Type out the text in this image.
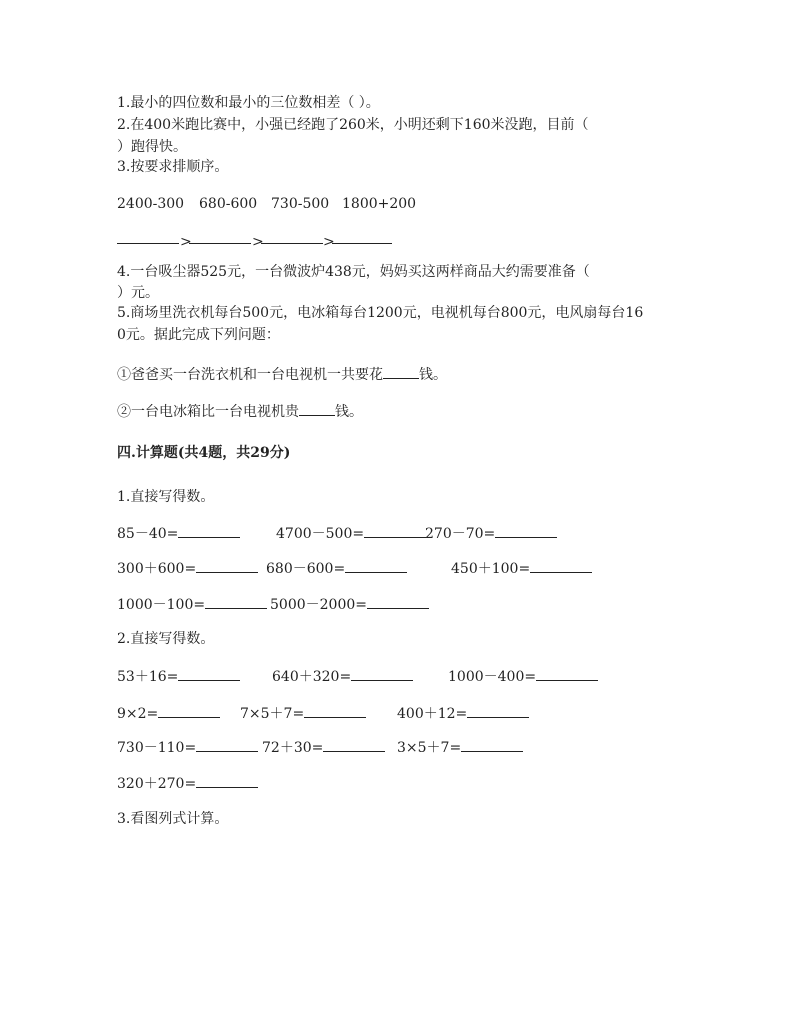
1.最小的四位数和最小的三位数相差（ ）。
2.在400米跑比赛中，小强已经跑了260米，小明还剩下160米没跑，目前（
）跑得快。
3.按要求排顺序。
2400-300 680-600 730-500 1800+200
>	>	>
4.一台吸尘器525元，一台微波炉438元，妈妈买这两样商品大约需要准备（
）元。
5.商场里洗衣机每台500元，电冰箱每台1200元，电视机每台800元，电风扇每台16
0元。据此完成下列问题：
①爸爸买一台洗衣机和一台电视机一共要花	钱。
②一台电冰箱比一台电视机贵	钱。
四.计算题(共4题，共29分)
1.直接写得数。
85－40=	4700－500=	270－70=
300＋600=	680－600=	450＋100=
1000－100=	5000－2000=
2.直接写得数。
53＋16=	640＋320=	1000－400=
9×2=	7×5＋7=	400＋12=
730－110=	72＋30=	3×5＋7=
320＋270=
3.看图列式计算。
